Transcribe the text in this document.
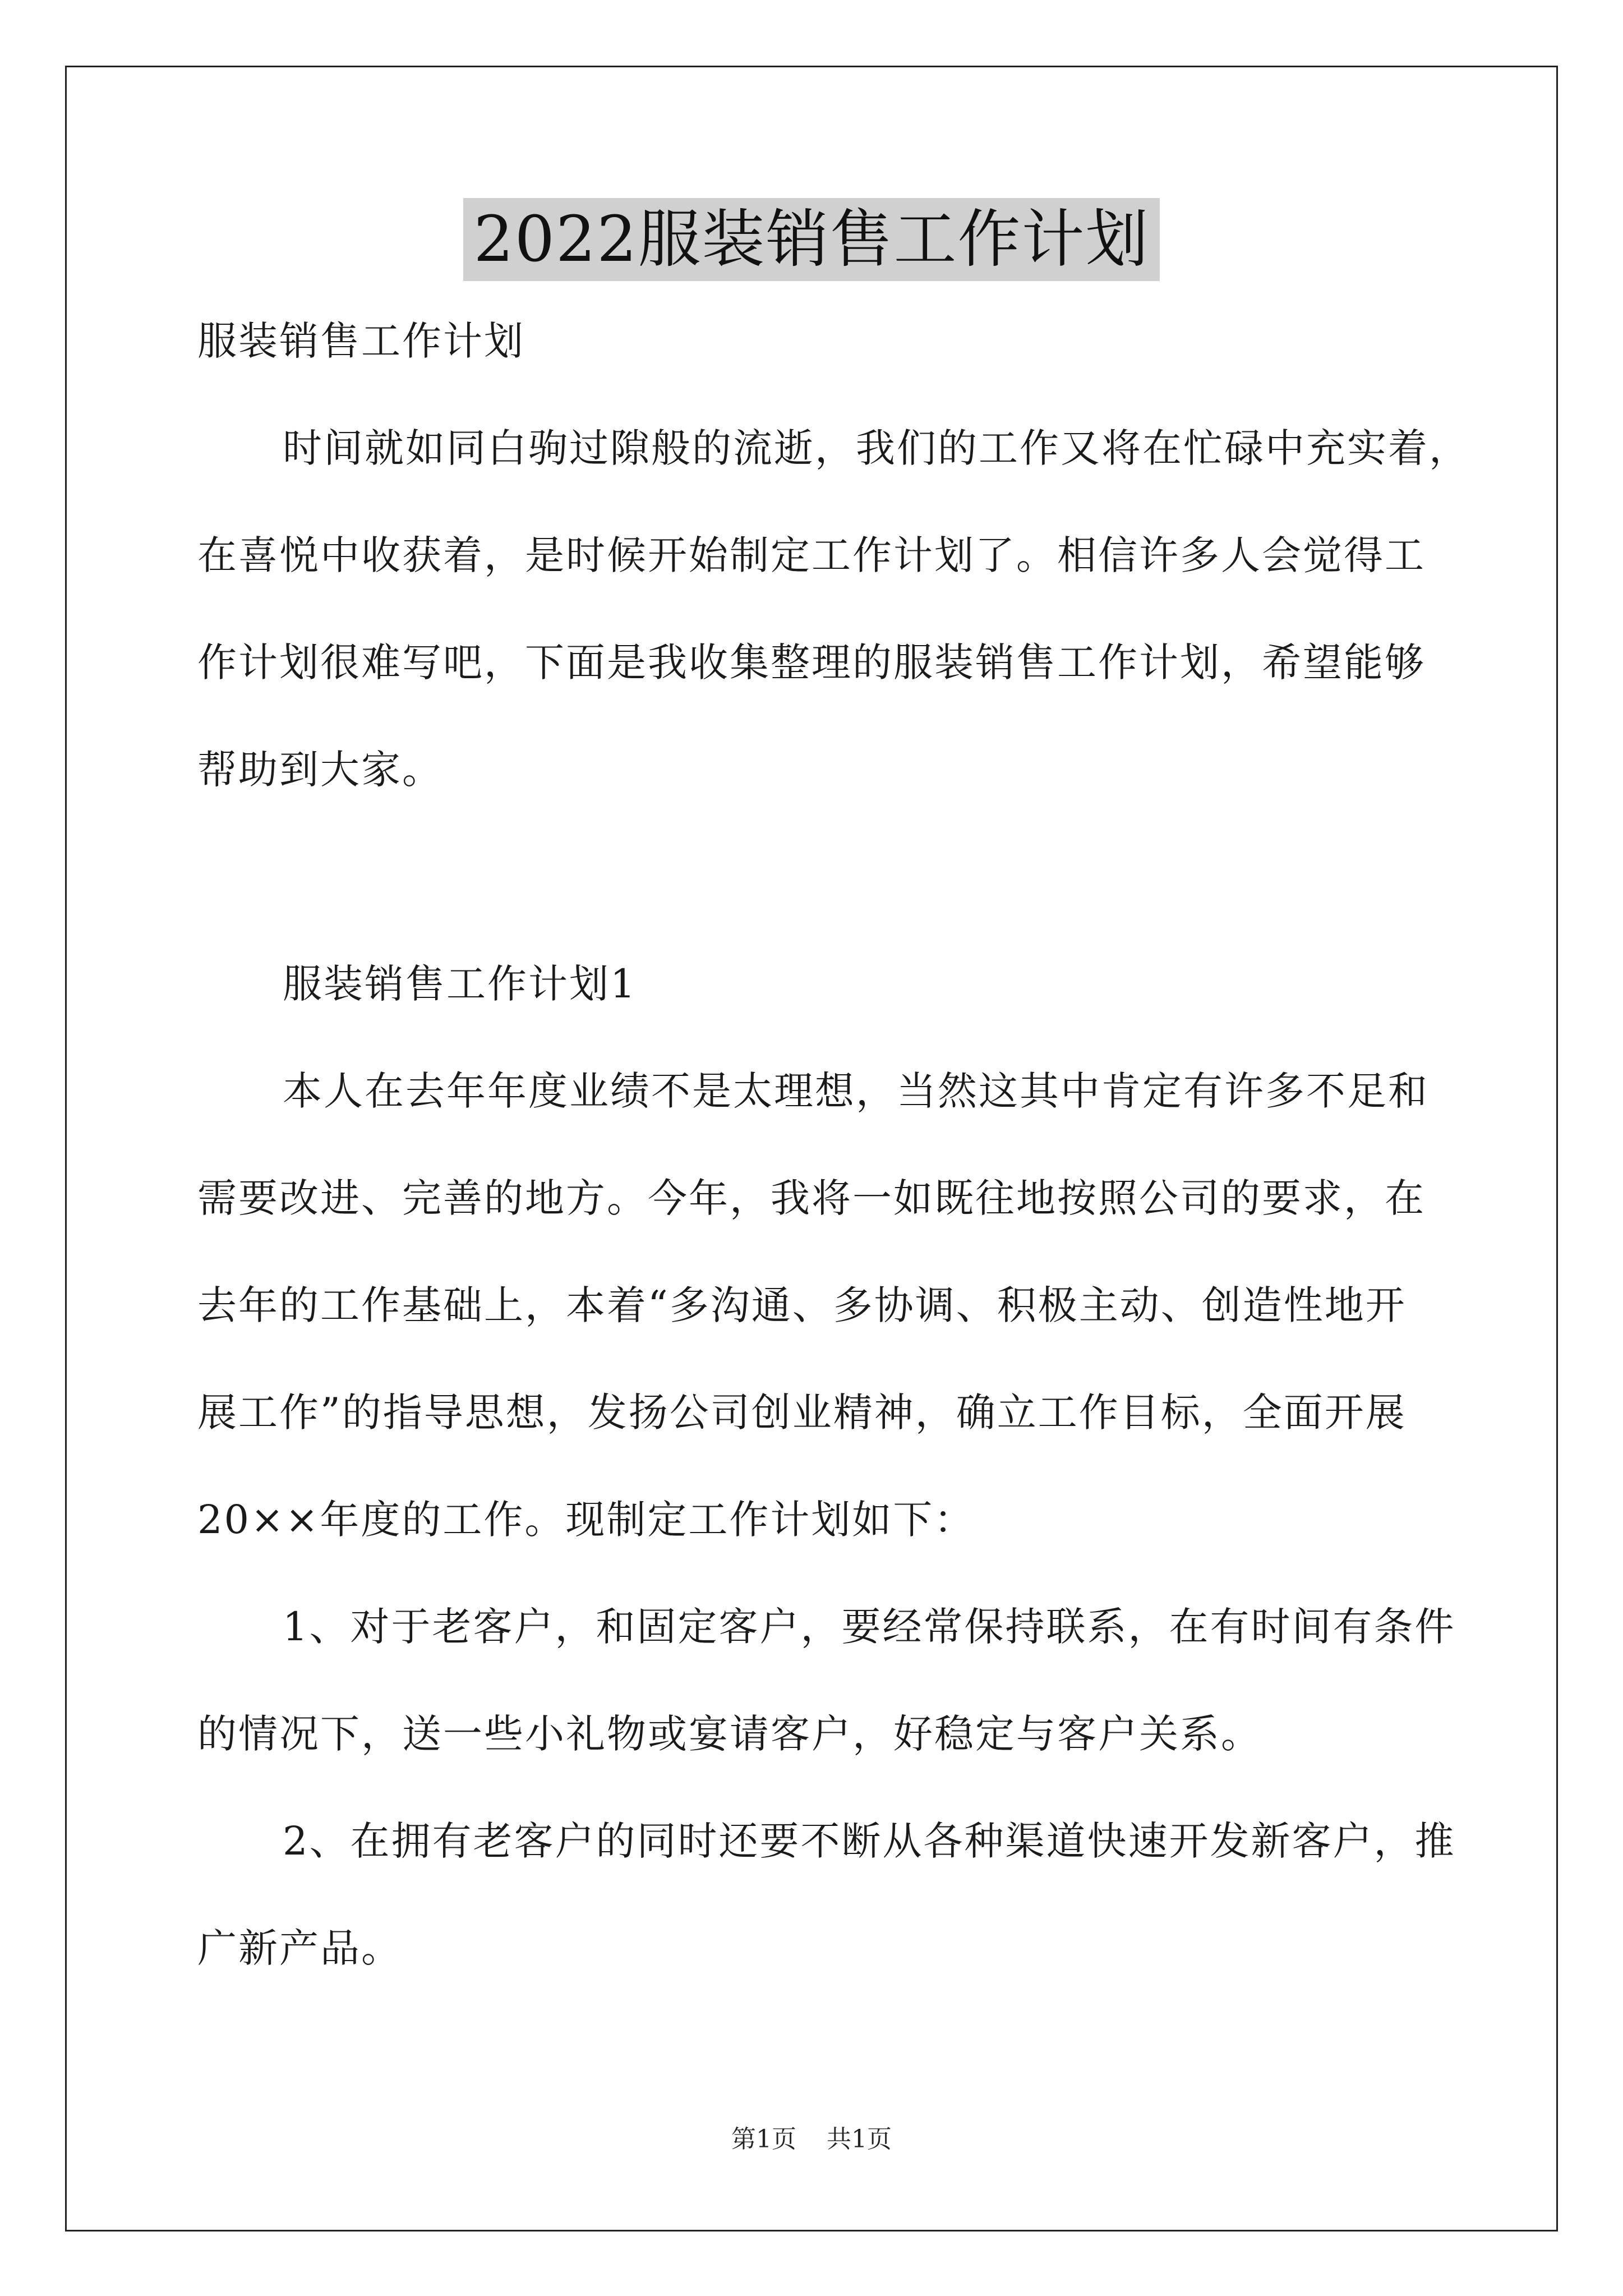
2022服装销售工作计划
服装销售工作计划
时间就如同白驹过隙般的流逝，我们的工作又将在忙碌中充实着，
在喜悦中收获着，是时候开始制定工作计划了。相信许多人会觉得工
作计划很难写吧，下面是我收集整理的服装销售工作计划，希望能够
帮助到大家。
服装销售工作计划1
本人在去年年度业绩不是太理想，当然这其中肯定有许多不足和
需要改进、完善的地方。今年，我将一如既往地按照公司的要求，在
去年的工作基础上，本着“多沟通、多协调、积极主动、创造性地开
展工作”的指导思想，发扬公司创业精神，确立工作目标，全面开展
20××年度的工作。现制定工作计划如下：
1、对于老客户，和固定客户，要经常保持联系，在有时间有条件
的情况下，送一些小礼物或宴请客户，好稳定与客户关系。
2、在拥有老客户的同时还要不断从各种渠道快速开发新客户，推
广新产品。
第1页 共1页
